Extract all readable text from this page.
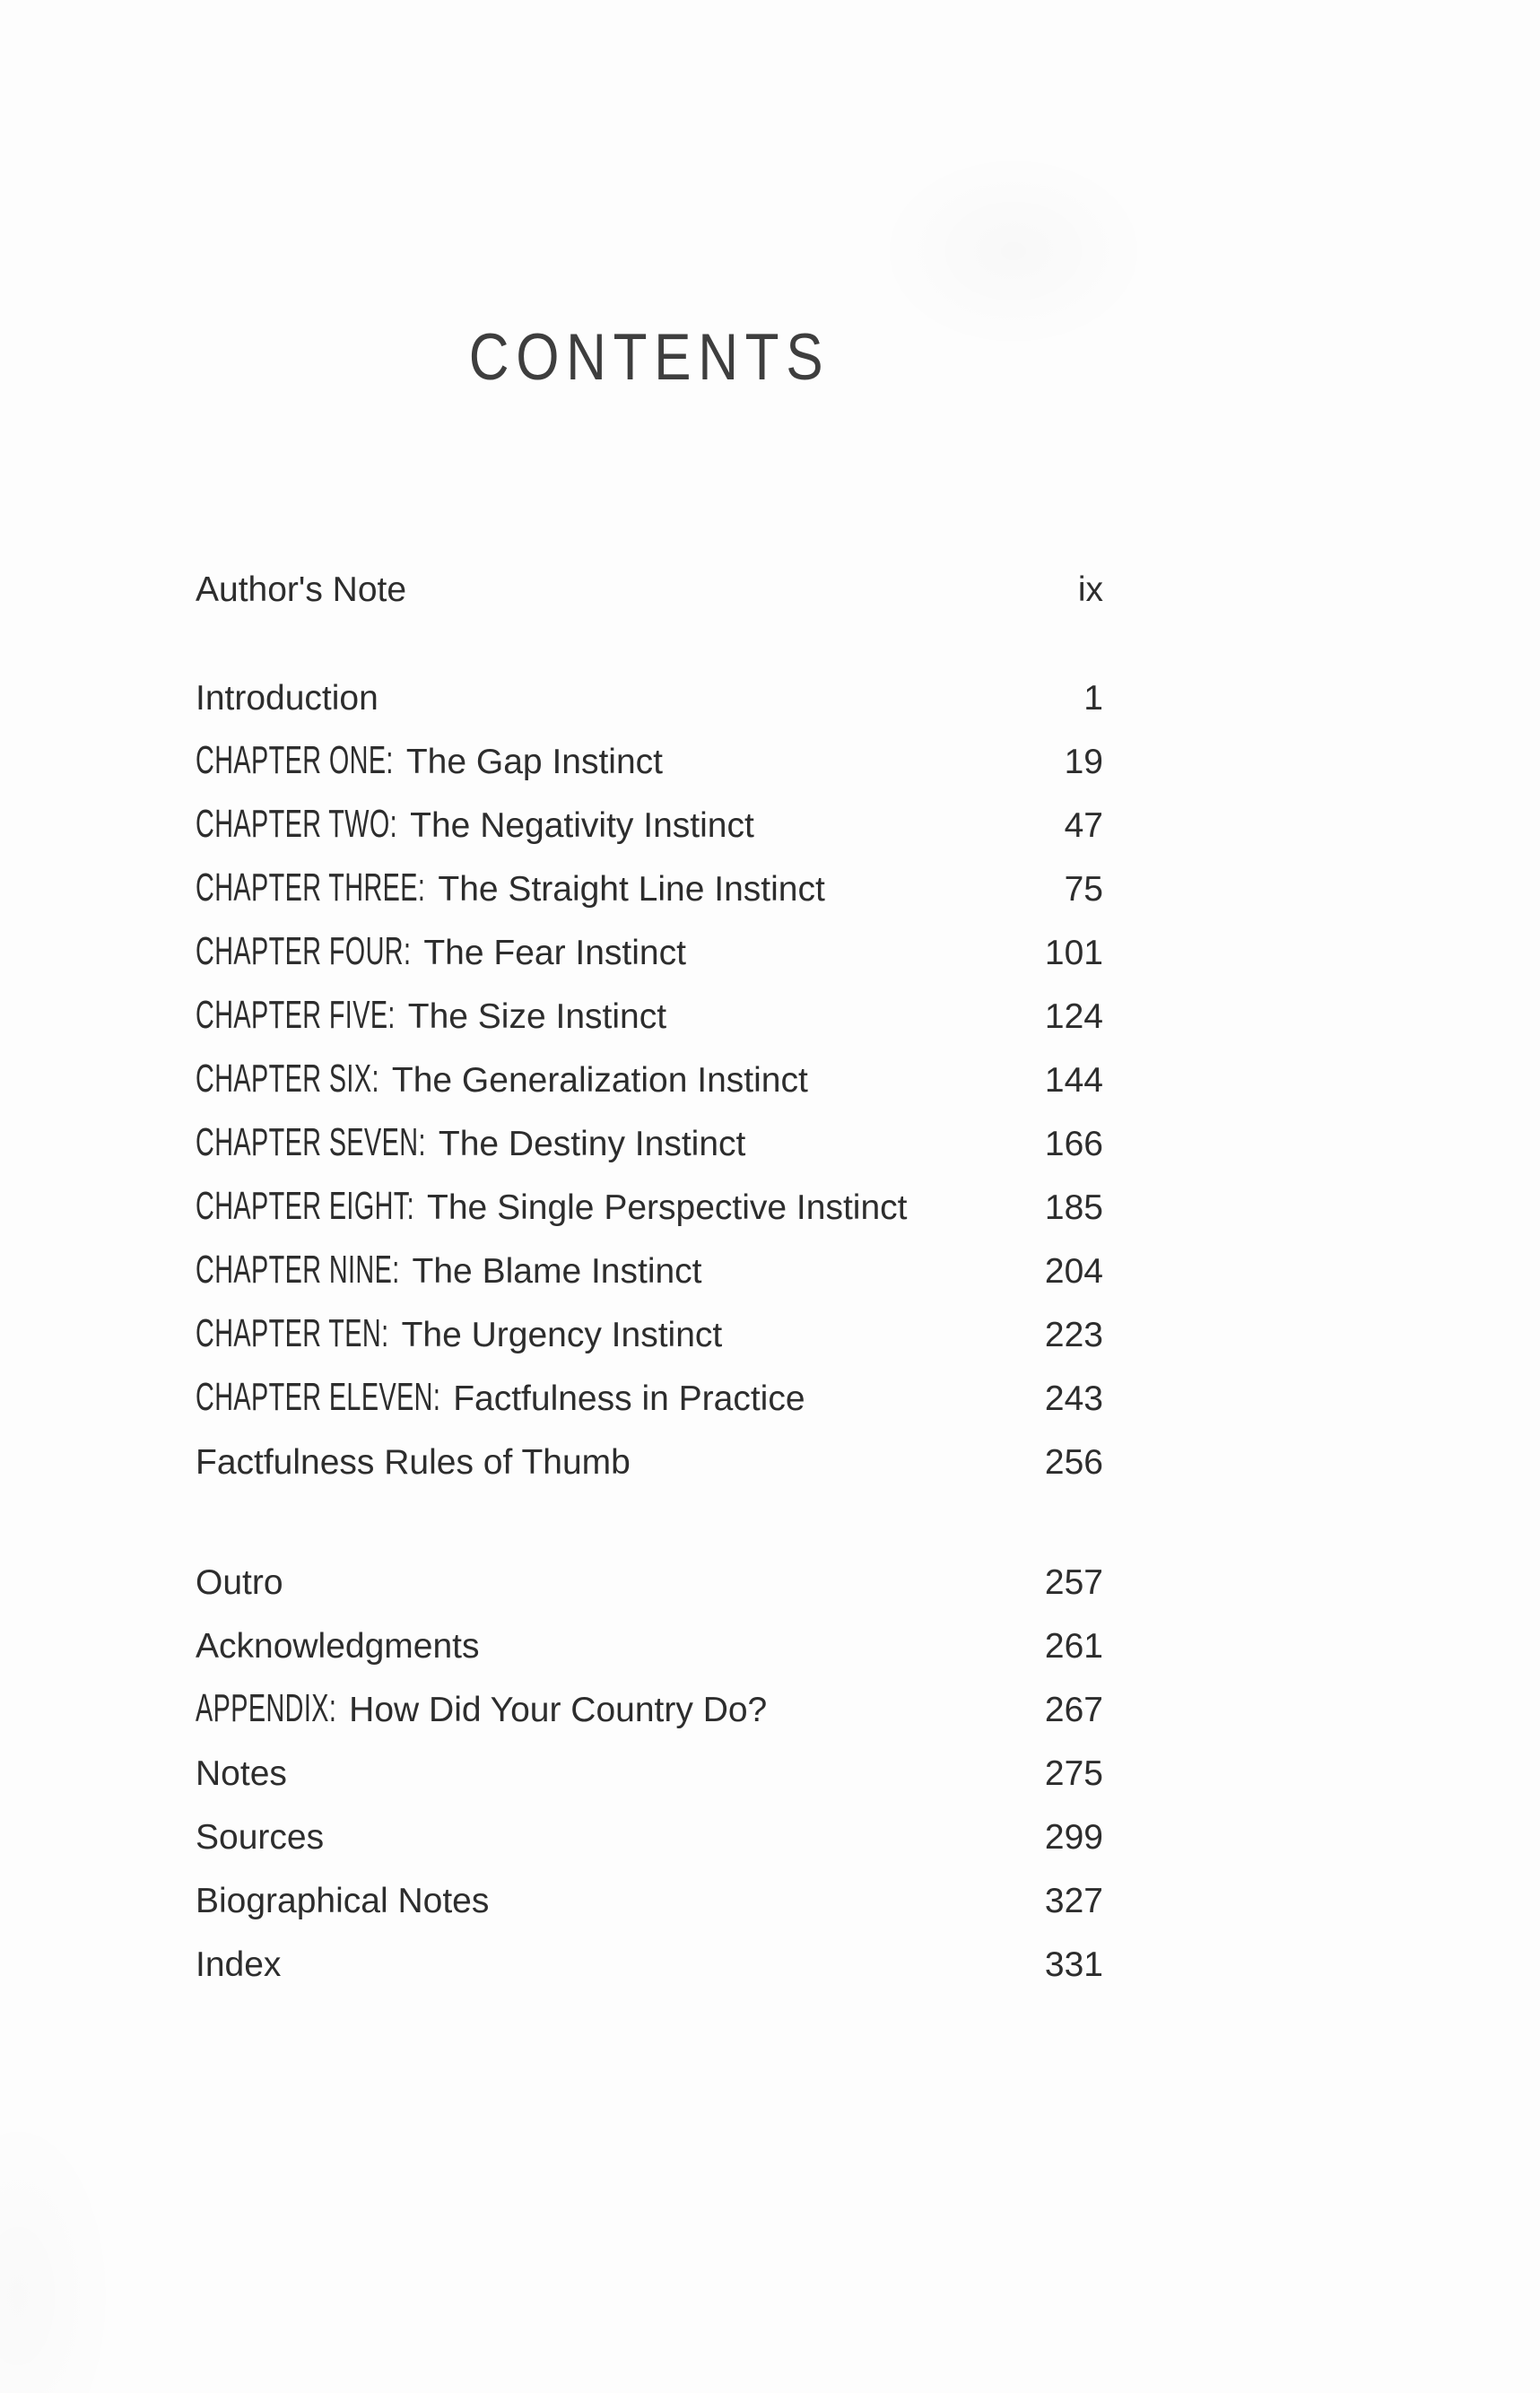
CONTENTS
Author's Note	ix
Introduction	1
CHAPTER ONE: The Gap Instinct	19
CHAPTER TWO: The Negativity Instinct	47
CHAPTER THREE: The Straight Line Instinct	75
CHAPTER FOUR: The Fear Instinct	101
CHAPTER FIVE: The Size Instinct	124
CHAPTER SIX: The Generalization Instinct	144
CHAPTER SEVEN: The Destiny Instinct	166
CHAPTER EIGHT: The Single Perspective Instinct	185
CHAPTER NINE: The Blame Instinct	204
CHAPTER TEN: The Urgency Instinct	223
CHAPTER ELEVEN: Factfulness in Practice	243
Factfulness Rules of Thumb	256
Outro	257
Acknowledgments	261
APPENDIX: How Did Your Country Do?	267
Notes	275
Sources	299
Biographical Notes	327
Index	331
